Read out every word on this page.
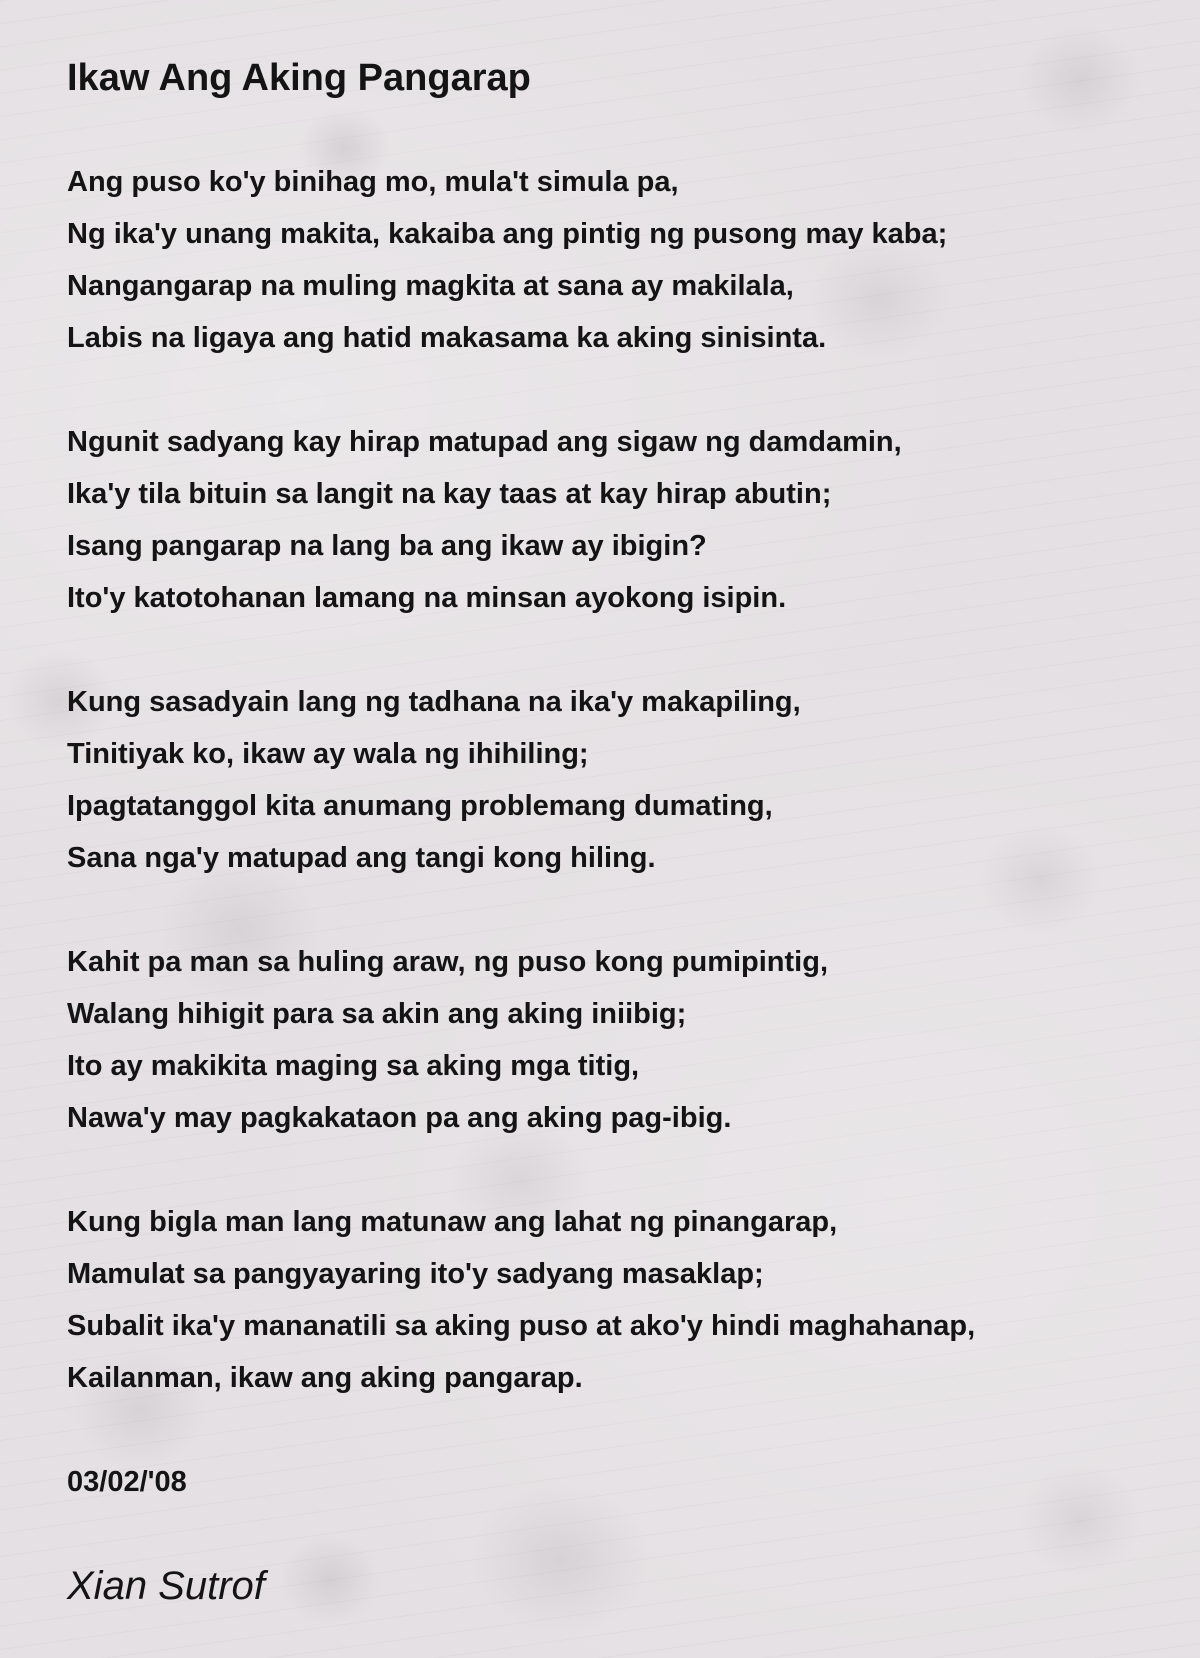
Ikaw Ang Aking Pangarap
Ang puso ko'y binihag mo, mula't simula pa,
Ng ika'y unang makita, kakaiba ang pintig ng pusong may kaba;
Nangangarap na muling magkita at sana ay makilala,
Labis na ligaya ang hatid makasama ka aking sinisinta.
Ngunit sadyang kay hirap matupad ang sigaw ng damdamin,
Ika'y tila bituin sa langit na kay taas at kay hirap abutin;
Isang pangarap na lang ba ang ikaw ay ibigin?
Ito'y katotohanan lamang na minsan ayokong isipin.
Kung sasadyain lang ng tadhana na ika'y makapiling,
Tinitiyak ko, ikaw ay wala ng ihihiling;
Ipagtatanggol kita anumang problemang dumating,
Sana nga'y matupad ang tangi kong hiling.
Kahit pa man sa huling araw, ng puso kong pumipintig,
Walang hihigit para sa akin ang aking iniibig;
Ito ay makikita maging sa aking mga titig,
Nawa'y may pagkakataon pa ang aking pag-ibig.
Kung bigla man lang matunaw ang lahat ng pinangarap,
Mamulat sa pangyayaring ito'y sadyang masaklap;
Subalit ika'y mananatili sa aking puso at ako'y hindi maghahanap,
Kailanman, ikaw ang aking pangarap.
03/02/'08
Xian Sutrof
